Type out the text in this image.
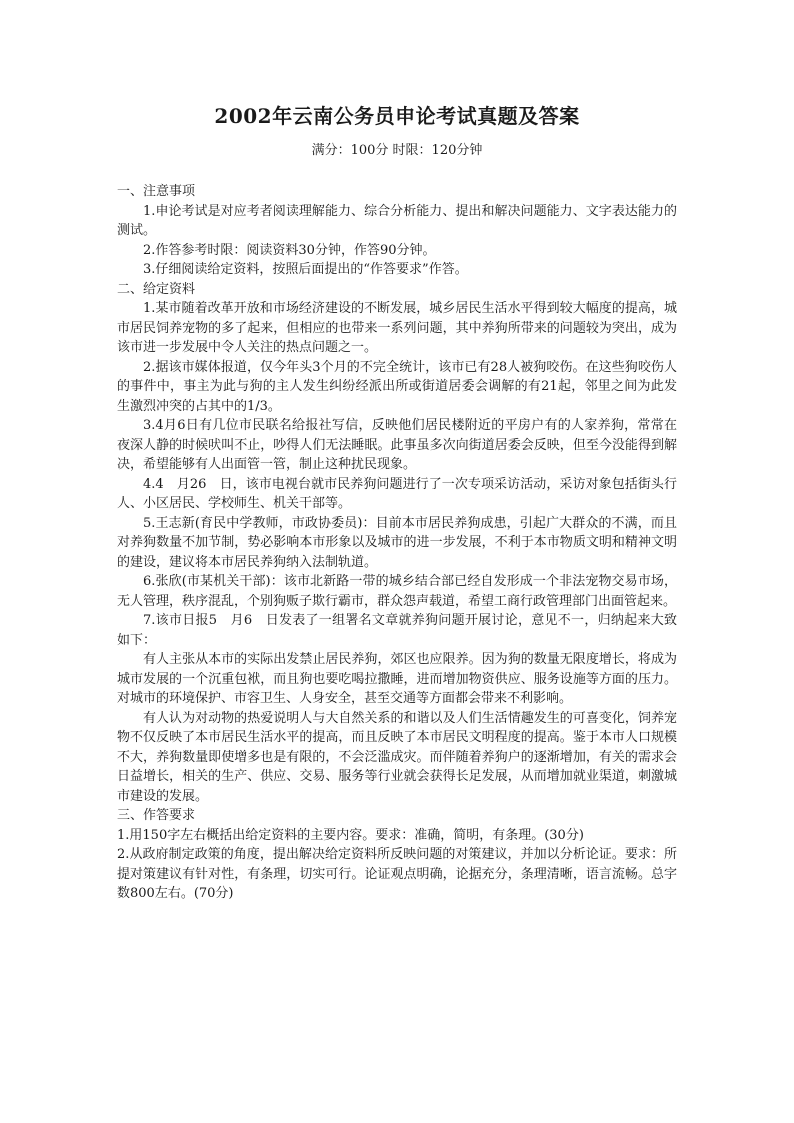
2002年云南公务员申论考试真题及答案
满分：100分 时限：120分钟
一、注意事项

1.申论考试是对应考者阅读理解能力、综合分析能力、提出和解决问题能力、文字表达能力的测试。

2.作答参考时限：阅读资料30分钟，作答90分钟。

3.仔细阅读给定资料，按照后面提出的“作答要求”作答。

二、给定资料

1.某市随着改革开放和市场经济建设的不断发展，城乡居民生活水平得到较大幅度的提高，城市居民饲养宠物的多了起来，但相应的也带来一系列问题，其中养狗所带来的问题较为突出，成为该市进一步发展中令人关注的热点问题之一。

2.据该市媒体报道，仅今年头3个月的不完全统计，该市已有28人被狗咬伤。在这些狗咬伤人的事件中，事主为此与狗的主人发生纠纷经派出所或街道居委会调解的有21起，邻里之间为此发生激烈冲突的占其中的1/3。

3.4月6日有几位市民联名给报社写信，反映他们居民楼附近的平房户有的人家养狗，常常在夜深人静的时候吠叫不止，吵得人们无法睡眠。此事虽多次向街道居委会反映，但至今没能得到解决，希望能够有人出面管一管，制止这种扰民现象。

4.4　月26　日，该市电视台就市民养狗问题进行了一次专项采访活动，采访对象包括街头行人、小区居民、学校师生、机关干部等。

5.王志新(育民中学教师，市政协委员)：目前本市居民养狗成患，引起广大群众的不满，而且对养狗数量不加节制，势必影响本市形象以及城市的进一步发展，不利于本市物质文明和精神文明的建设，建议将本市居民养狗纳入法制轨道。

6.张欣(市某机关干部)：该市北新路一带的城乡结合部已经自发形成一个非法宠物交易市场，无人管理，秩序混乱，个别狗贩子欺行霸市，群众怨声载道，希望工商行政管理部门出面管起来。

7.该市日报5　月6　日发表了一组署名文章就养狗问题开展讨论，意见不一，归纳起来大致如下：

有人主张从本市的实际出发禁止居民养狗，郊区也应限养。因为狗的数量无限度增长，将成为城市发展的一个沉重包袱，而且狗也要吃喝拉撒睡，进而增加物资供应、服务设施等方面的压力。对城市的环境保护、市容卫生、人身安全，甚至交通等方面都会带来不利影响。

有人认为对动物的热爱说明人与大自然关系的和谐以及人们生活情趣发生的可喜变化，饲养宠物不仅反映了本市居民生活水平的提高，而且反映了本市居民文明程度的提高。鉴于本市人口规模不大，养狗数量即使增多也是有限的，不会泛滥成灾。而伴随着养狗户的逐渐增加，有关的需求会日益增长，相关的生产、供应、交易、服务等行业就会获得长足发展，从而增加就业渠道，刺激城市建设的发展。

三、作答要求

1.用150字左右概括出给定资料的主要内容。要求：准确，简明，有条理。(30分)

2.从政府制定政策的角度，提出解决给定资料所反映问题的对策建议，并加以分析论证。要求：所提对策建议有针对性，有条理，切实可行。论证观点明确，论据充分，条理清晰，语言流畅。总字数800左右。(70分)
